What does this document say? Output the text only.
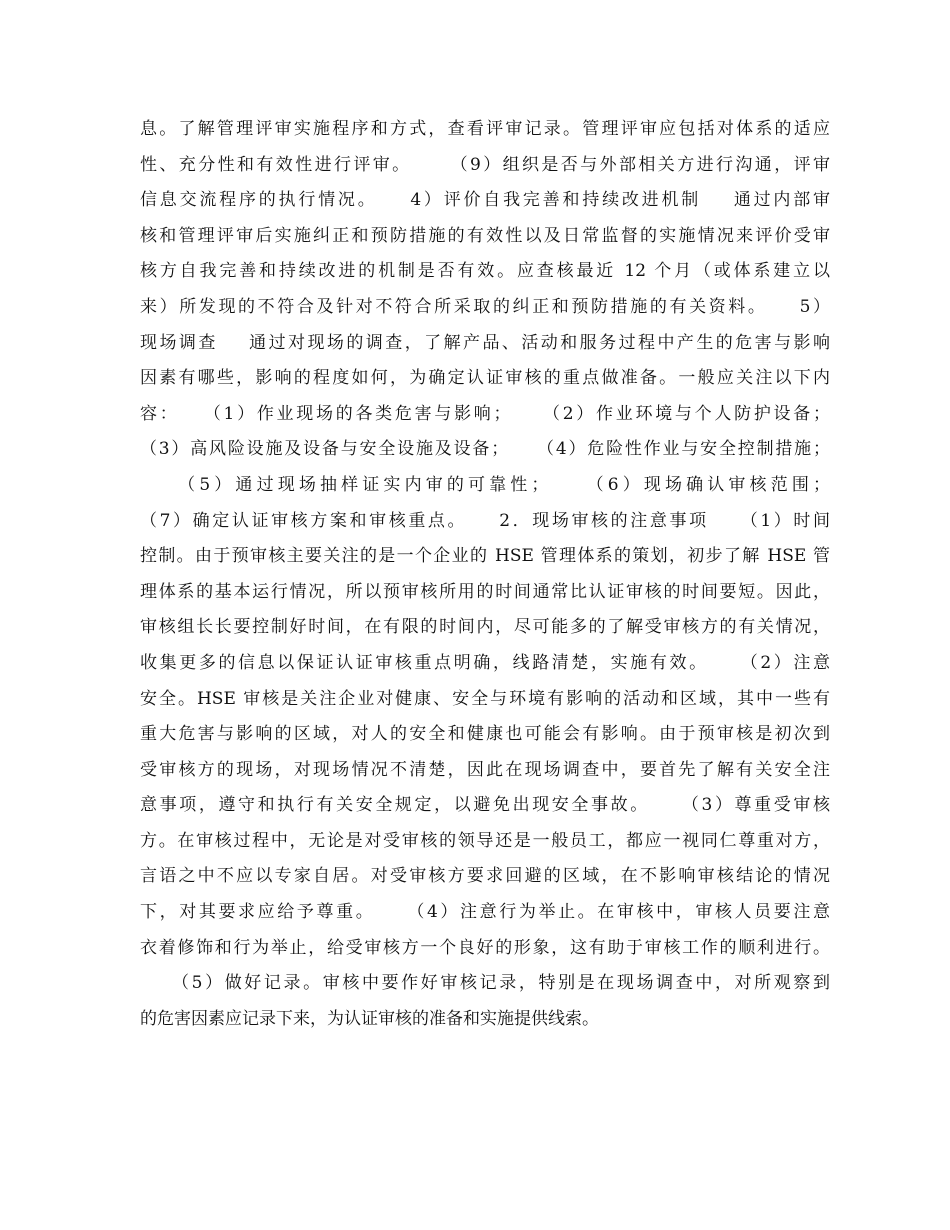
息。了解管理评审实施程序和方式，查看评审记录。管理评审应包括对体系的适应
性、充分性和有效性进行评审。     （9）组织是否与外部相关方进行沟通，评审
信息交流程序的执行情况。    4）评价自我完善和持续改进机制    通过内部审
核和管理评审后实施纠正和预防措施的有效性以及日常监督的实施情况来评价受审
核方自我完善和持续改进的机制是否有效。应查核最近 12 个月（或体系建立以
来）所发现的不符合及针对不符合所采取的纠正和预防措施的有关资料。    5）
现场调查    通过对现场的调查，了解产品、活动和服务过程中产生的危害与影响
因素有哪些，影响的程度如何，为确定认证审核的重点做准备。一般应关注以下内
容：   （1）作业现场的各类危害与影响；    （2）作业环境与个人防护设备；
（3）高风险设施及设备与安全设施及设备；    （4）危险性作业与安全控制措施；
（5）通过现场抽样证实内审的可靠性；    （6）现场确认审核范围；
（7）确定认证审核方案和审核重点。    2．现场审核的注意事项    （1）时间
控制。由于预审核主要关注的是一个企业的 HSE 管理体系的策划，初步了解 HSE 管
理体系的基本运行情况，所以预审核所用的时间通常比认证审核的时间要短。因此，
审核组长长要控制好时间，在有限的时间内，尽可能多的了解受审核方的有关情况，
收集更多的信息以保证认证审核重点明确，线路清楚，实施有效。    （2）注意
安全。HSE 审核是关注企业对健康、安全与环境有影响的活动和区域，其中一些有
重大危害与影响的区域，对人的安全和健康也可能会有影响。由于预审核是初次到
受审核方的现场，对现场情况不清楚，因此在现场调查中，要首先了解有关安全注
意事项，遵守和执行有关安全规定，以避免出现安全事故。    （3）尊重受审核
方。在审核过程中，无论是对受审核的领导还是一般员工，都应一视同仁尊重对方，
言语之中不应以专家自居。对受审核方要求回避的区域，在不影响审核结论的情况
下，对其要求应给予尊重。    （4）注意行为举止。在审核中，审核人员要注意
衣着修饰和行为举止，给受审核方一个良好的形象，这有助于审核工作的顺利进行。
（5）做好记录。审核中要作好审核记录，特别是在现场调查中，对所观察到
的危害因素应记录下来，为认证审核的准备和实施提供线索。
